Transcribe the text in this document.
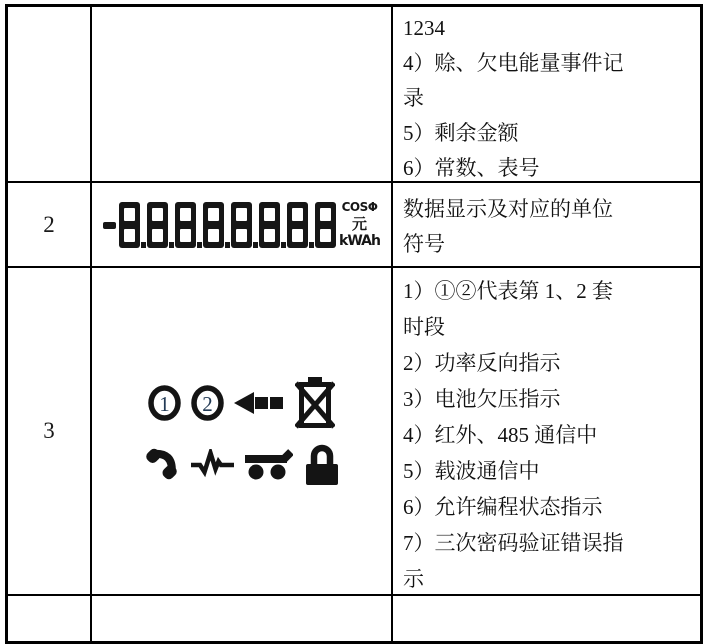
1234
4）赊、欠电能量事件记
录
5）剩余金额
6）常数、表号
2
COSΦ
元
kWAh
数据显示及对应的单位
符号
3
1 2
1）①②代表第 1、2 套
时段
2）功率反向指示
3）电池欠压指示
4）红外、485 通信中
5）载波通信中
6）允许编程状态指示
7）三次密码验证错误指
示
